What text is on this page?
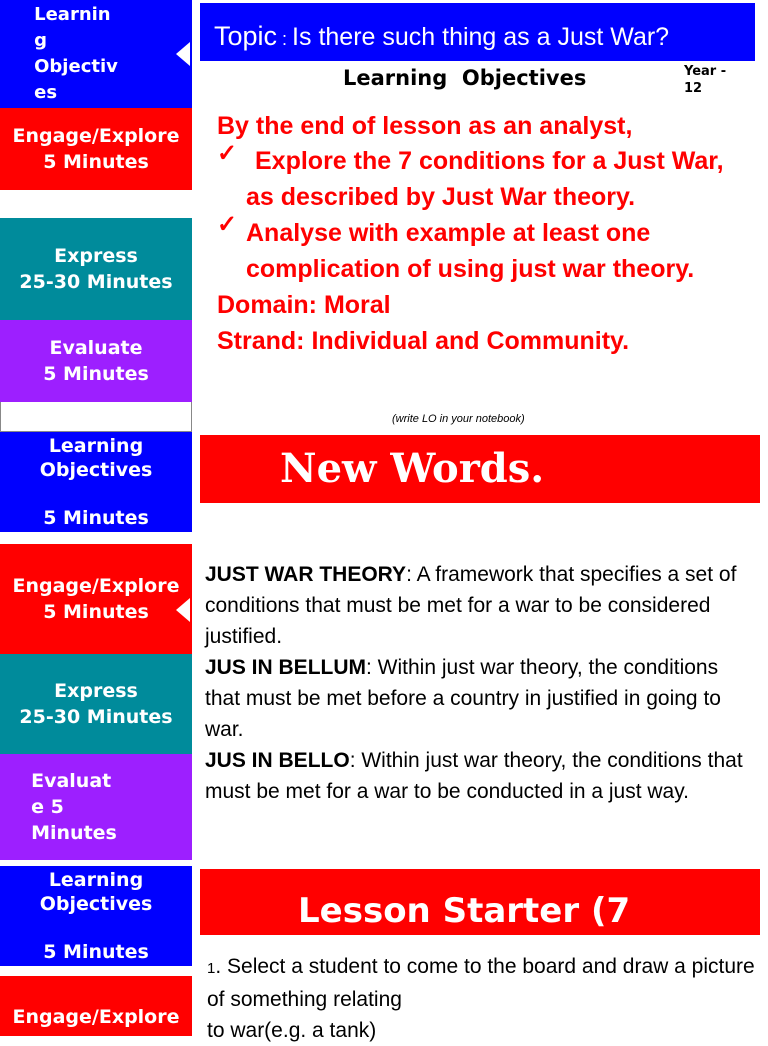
Learnin
g
Objectiv
es
Engage/Explore
5 Minutes
Express
25-30 Minutes
Evaluate
5 Minutes
Topic : Is there such thing as a Just War?
Learning  Objectives	Year -
12
By the end of lesson as an analyst,
✓ Explore the 7 conditions for a Just War,
as described by Just War theory.
✓ Analyse with example at least one
complication of using just war theory.
Domain: Moral
Strand: Individual and Community.
(write LO in your notebook)
Learning
Objectives

5 Minutes
Engage/Explore
5 Minutes
Express
25-30 Minutes
Evaluat
e 5
Minutes
New Words.
JUST WAR THEORY: A framework that specifies a set of conditions that must be met for a war to be considered justified.
JUS IN BELLUM: Within just war theory, the conditions that must be met before a country in justified in going to war.
JUS IN BELLO: Within just war theory, the conditions that must be met for a war to be conducted in a just way.
Learning
Objectives

5 Minutes
Engage/Explore
Lesson Starter (7
1. Select a student to come to the board and draw a picture of something relating
to war(e.g. a tank)
